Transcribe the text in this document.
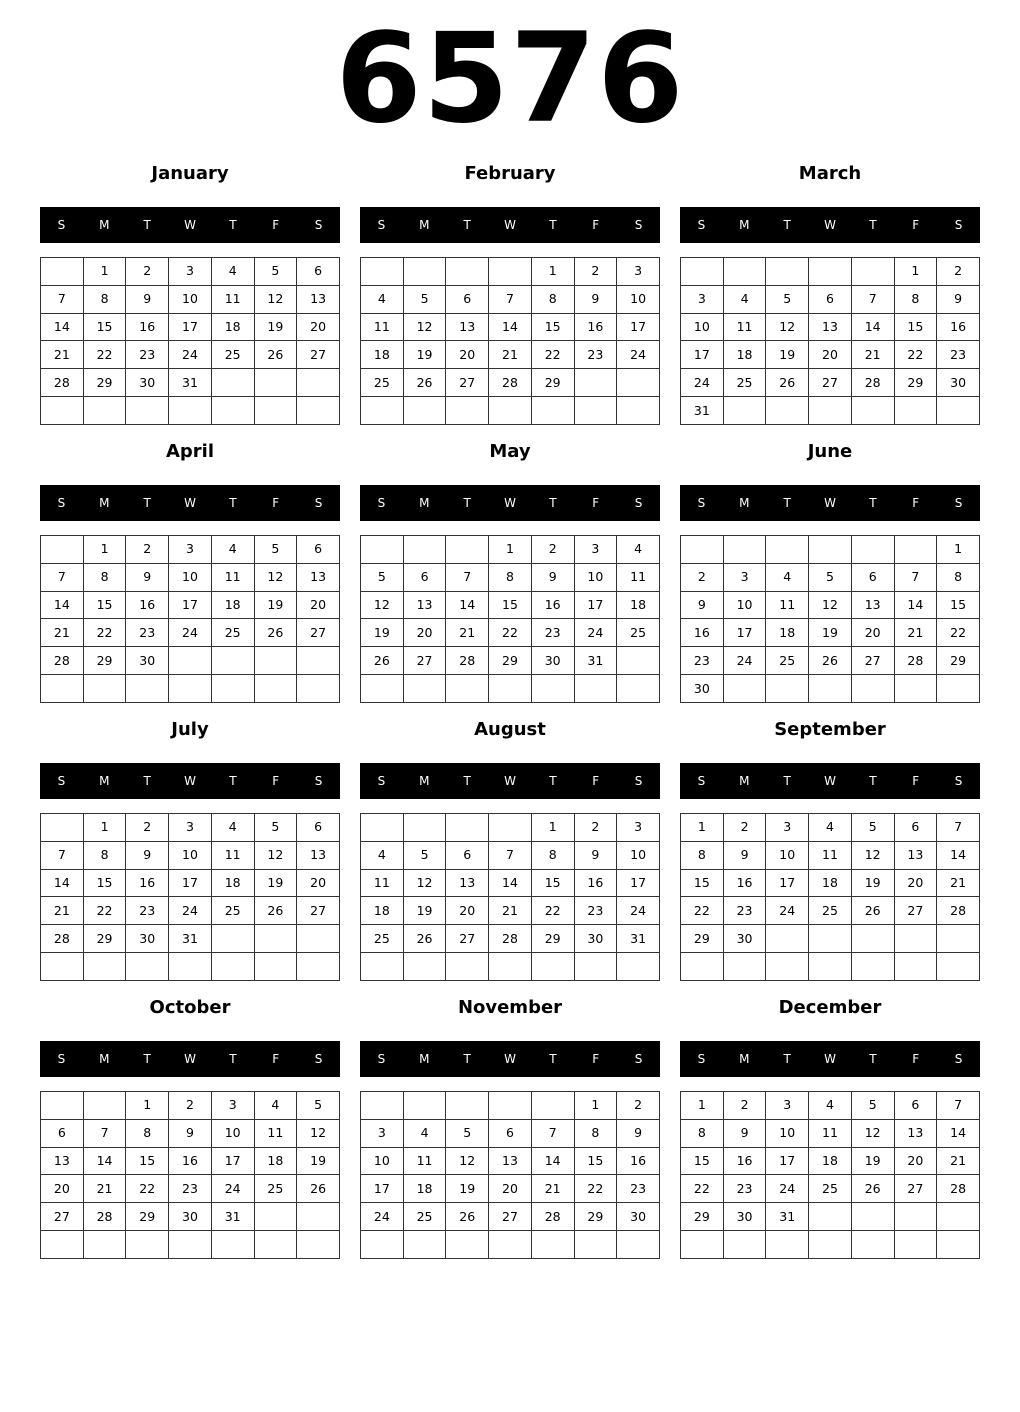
6576
January
S	M	T	W	T	F	S
	1	2	3	4	5	6
7	8	9	10	11	12	13
14	15	16	17	18	19	20
21	22	23	24	25	26	27
28	29	30	31			

February
S	M	T	W	T	F	S
				1	2	3
4	5	6	7	8	9	10
11	12	13	14	15	16	17
18	19	20	21	22	23	24
25	26	27	28	29		

March
S	M	T	W	T	F	S
					1	2
3	4	5	6	7	8	9
10	11	12	13	14	15	16
17	18	19	20	21	22	23
24	25	26	27	28	29	30
31						
April
S	M	T	W	T	F	S
	1	2	3	4	5	6
7	8	9	10	11	12	13
14	15	16	17	18	19	20
21	22	23	24	25	26	27
28	29	30				

May
S	M	T	W	T	F	S
			1	2	3	4
5	6	7	8	9	10	11
12	13	14	15	16	17	18
19	20	21	22	23	24	25
26	27	28	29	30	31	

June
S	M	T	W	T	F	S
						1
2	3	4	5	6	7	8
9	10	11	12	13	14	15
16	17	18	19	20	21	22
23	24	25	26	27	28	29
30						
July
S	M	T	W	T	F	S
	1	2	3	4	5	6
7	8	9	10	11	12	13
14	15	16	17	18	19	20
21	22	23	24	25	26	27
28	29	30	31			

August
S	M	T	W	T	F	S
				1	2	3
4	5	6	7	8	9	10
11	12	13	14	15	16	17
18	19	20	21	22	23	24
25	26	27	28	29	30	31

September
S	M	T	W	T	F	S
1	2	3	4	5	6	7
8	9	10	11	12	13	14
15	16	17	18	19	20	21
22	23	24	25	26	27	28
29	30					

October
S	M	T	W	T	F	S
		1	2	3	4	5
6	7	8	9	10	11	12
13	14	15	16	17	18	19
20	21	22	23	24	25	26
27	28	29	30	31		

November
S	M	T	W	T	F	S
					1	2
3	4	5	6	7	8	9
10	11	12	13	14	15	16
17	18	19	20	21	22	23
24	25	26	27	28	29	30

December
S	M	T	W	T	F	S
1	2	3	4	5	6	7
8	9	10	11	12	13	14
15	16	17	18	19	20	21
22	23	24	25	26	27	28
29	30	31				
